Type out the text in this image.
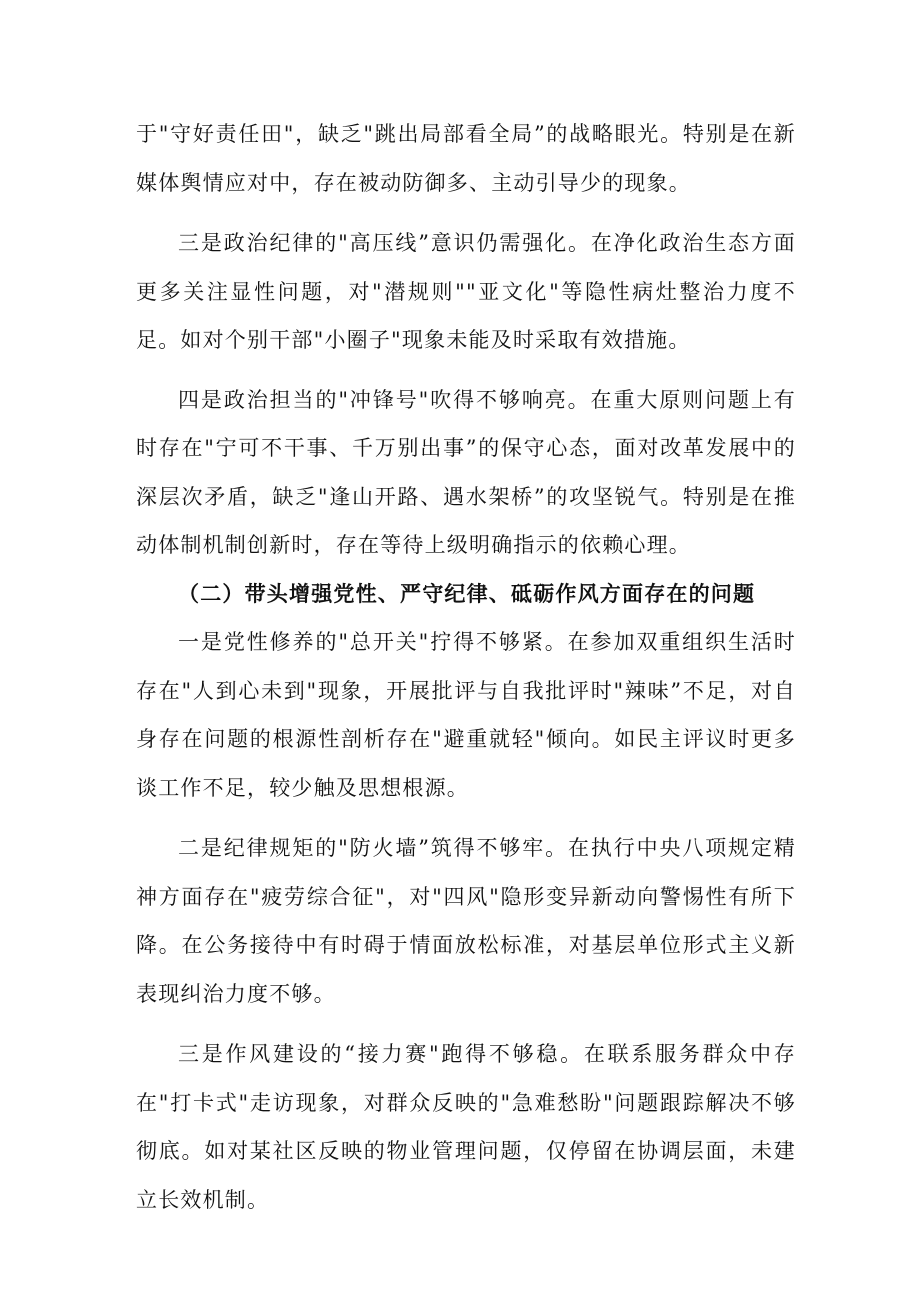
于"守好责任田"，缺乏"跳出局部看全局”的战略眼光。特别是在新媒体舆情应对中，存在被动防御多、主动引导少的现象。

三是政治纪律的"高压线”意识仍需强化。在净化政治生态方面更多关注显性问题，对"潜规则""亚文化"等隐性病灶整治力度不足。如对个别干部"小圈子"现象未能及时采取有效措施。

四是政治担当的"冲锋号"吹得不够响亮。在重大原则问题上有时存在"宁可不干事、千万别出事”的保守心态，面对改革发展中的深层次矛盾，缺乏"逢山开路、遇水架桥”的攻坚锐气。特别是在推动体制机制创新时，存在等待上级明确指示的依赖心理。

（二）带头增强党性、严守纪律、砥砺作风方面存在的问题

一是党性修养的"总开关"拧得不够紧。在参加双重组织生活时存在"人到心未到"现象，开展批评与自我批评时"辣味”不足，对自身存在问题的根源性剖析存在"避重就轻"倾向。如民主评议时更多谈工作不足，较少触及思想根源。

二是纪律规矩的"防火墙”筑得不够牢。在执行中央八项规定精神方面存在"疲劳综合征"，对"四风"隐形变异新动向警惕性有所下降。在公务接待中有时碍于情面放松标准，对基层单位形式主义新表现纠治力度不够。

三是作风建设的“接力赛"跑得不够稳。在联系服务群众中存在"打卡式"走访现象，对群众反映的"急难愁盼"问题跟踪解决不够彻底。如对某社区反映的物业管理问题，仅停留在协调层面，未建立长效机制。
